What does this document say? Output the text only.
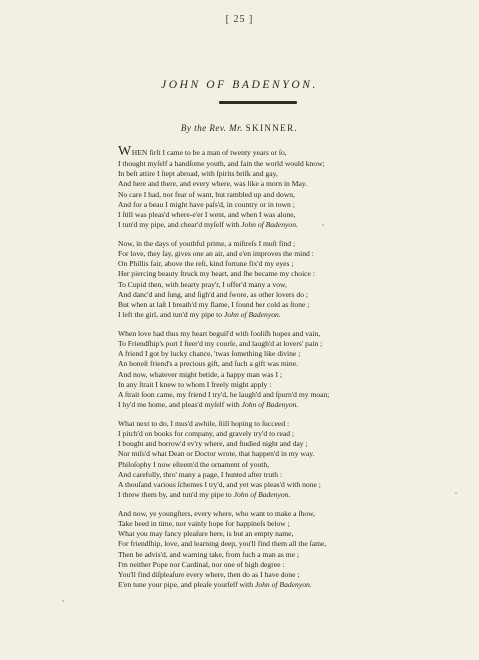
[ 25 ]
JOHN OF BADENYON.
By the Rev. Mr. SKINNER.
WHEN firſt I came to be a man of twenty years or ſo,
I thought myſelf a handſome youth, and fain the world would know;
In beſt attire I ſtept abroad, with ſpirits briſk and gay,
And here and there, and every where, was like a morn in May.
No care I had, nor fear of want, but rambled up and down,
And for a beau I might have paſs'd, in country or in town ;
I ſtill was pleas'd where-e'er I went, and when I was alone,
I tun'd my pipe, and chear'd myſelf with John of Badenyon.
Now, in the days of youthful prime, a miſtreſs I muſt find ;
For love, they ſay, gives one an air, and e'en improves the mind :
On Phillis fair, above the reſt, kind fortune fix'd my eyes ;
Her piercing beauty ſtruck my heart, and ſhe became my choice :
To Cupid then, with hearty pray'r, I offer'd many a vow,
And danc'd and ſung, and ſigh'd and ſwore, as other lovers do ;
But when at laſt I breath'd my flame, I found her cold as ſtone ;
I left the girl, and tun'd my pipe to John of Badenyon.
When love had thus my heart beguil'd with fooliſh hopes and vain,
To Friendſhip's port I ſteer'd my courſe, and laugh'd at lovers' pain ;
A friend I got by lucky chance, 'twas ſomething like divine ;
An honeſt friend's a precious gift, and ſuch a gift was mine.
And now, whatever might betide, a happy man was I ;
In any ſtrait I knew to whom I freely might apply :
A ſtrait ſoon came, my friend I try'd, he laugh'd and ſpurn'd my moan;
I hy'd me home, and pleas'd myſelf with John of Badenyon.
What next to do, I mus'd awhile, ſtill hoping to ſucceed :
I pitch'd on books for company, and gravely try'd to read ;
I bought and borrow'd ev'ry where, and ſtudied night and day ;
Nor miſs'd what Dean or Doctor wrote, that happen'd in my way.
Philoſophy I now eſteem'd the ornament of youth,
And carefully, thro' many a page, I hunted after truth :
A thouſand various ſchemes I try'd, and yet was pleas'd with none ;
I threw them by, and tun'd my pipe to John of Badenyon.
And now, ye youngſters, every where, who want to make a ſhow,
Take heed in time, nor vainly hope for happineſs below ;
What you may fancy pleaſure here, is but an empty name,
For friendſhip, love, and learning deep, you'll find them all the ſame,
Then be advis'd, and warning take, from ſuch a man as me ;
I'm neither Pope nor Cardinal, nor one of high degree :
You'll find diſpleaſure every where, then do as I have done ;
E'en tune your pipe, and pleaſe yourſelf with John of Badenyon.
